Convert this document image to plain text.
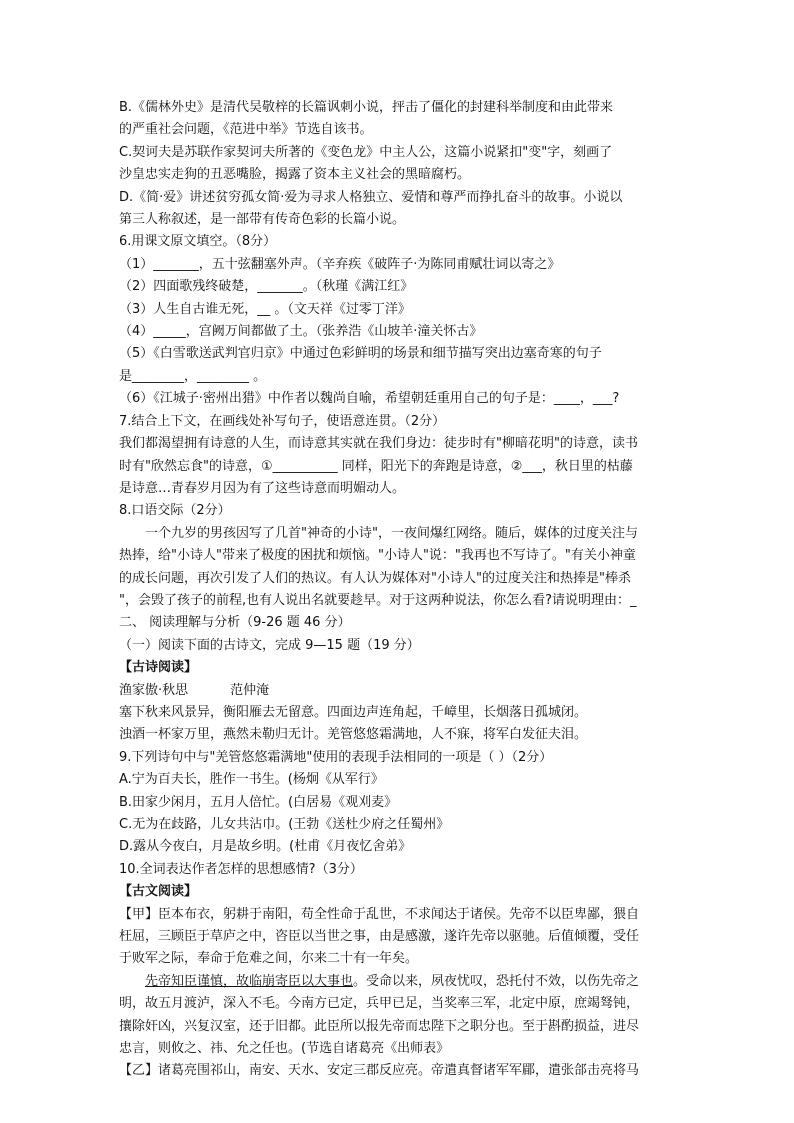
B.《儒林外史》是清代吴敬梓的长篇讽刺小说，抨击了僵化的封建科举制度和由此带来
的严重社会问题，《范进中举》节选自该书。
C.契诃夫是苏联作家契诃夫所著的《变色龙》中主人公，这篇小说紧扣"变"字，刻画了
沙皇忠实走狗的丑恶嘴脸，揭露了资本主义社会的黑暗腐朽。
D.《简·爱》讲述贫穷孤女简·爱为寻求人格独立、爱情和尊严而挣扎奋斗的故事。小说以
第三人称叙述，是一部带有传奇色彩的长篇小说。
6.用课文原文填空。（8分）
（1）_______，五十弦翻塞外声。（辛弃疾《破阵子·为陈同甫赋壮词以寄之》
（2）四面歌残终破楚，_______。（秋瑾《满江红》
（3）人生自古谁无死，__ 。（文天祥《过零丁洋》
（4）_____，宫阙万间都做了土。（张养浩《山坡羊·潼关怀古》
（5）《白雪歌送武判官归京》中通过色彩鲜明的场景和细节描写突出边塞奇寒的句子
是________，________ 。
（6）《江城子·密州出猎》中作者以魏尚自喻，希望朝廷重用自己的句子是：____，___?
7.结合上下文，在画线处补写句子，使语意连贯。（2分）
我们都渴望拥有诗意的人生，而诗意其实就在我们身边：徒步时有"柳暗花明"的诗意，读书
时有"欣然忘食"的诗意，①__________ 同样，阳光下的奔跑是诗意，②___，秋日里的枯藤
是诗意…青春岁月因为有了这些诗意而明媚动人。
8.口语交际（2分）
一个九岁的男孩因写了几首"神奇的小诗"，一夜间爆红网络。随后，媒体的过度关注与
热捧，给"小诗人"带来了极度的困扰和烦恼。"小诗人"说："我再也不写诗了。"有关小神童
的成长问题，再次引发了人们的热议。有人认为媒体对"小诗人"的过度关注和热捧是"棒杀
"，会毁了孩子的前程,也有人说出名就要趁早。对于这两种说法，你怎么看?请说明理由：_
二、 阅读理解与分析（9-26 题 46 分）
（一）阅读下面的古诗文，完成 9—15 题（19 分）
【古诗阅读】
渔家傲·秋思	范仲淹
塞下秋来风景异，衡阳雁去无留意。四面边声连角起，千嶂里，长烟落日孤城闭。
浊酒一杯家万里，燕然未勒归无计。羌管悠悠霜满地，人不寐，将军白发征夫泪。
9.下列诗句中与"羌管悠悠霜满地"使用的表现手法相同的一项是（ ）（2分）
A.宁为百夫长，胜作一书生。(杨炯《从军行》
B.田家少闲月，五月人倍忙。(白居易《观刈麦》
C.无为在歧路，儿女共沾巾。(王勃《送杜少府之任蜀州》
D.露从今夜白，月是故乡明。(杜甫《月夜忆舍弟》
10.全词表达作者怎样的思想感情?（3分）
【古文阅读】
【甲】臣本布衣，躬耕于南阳，苟全性命于乱世，不求闻达于诸侯。先帝不以臣卑鄙，猥自
枉屈，三顾臣于草庐之中，咨臣以当世之事，由是感激，遂许先帝以驱驰。后值倾覆，受任
于败军之际，奉命于危难之间，尔来二十有一年矣。
先帝知臣谨慎，故临崩寄臣以大事也。受命以来，夙夜忧叹，恐托付不效，以伤先帝之
明，故五月渡泸，深入不毛。今南方已定，兵甲已足，当奖率三军，北定中原，庶竭驽钝，
攘除奸凶，兴复汉室，还于旧都。此臣所以报先帝而忠陛下之职分也。至于斟酌损益，进尽
忠言，则攸之、祎、允之任也。(节选自诸葛亮《出师表》
【乙】诸葛亮围祁山，南安、天水、安定三郡反应亮。帝遣真督诸军军郿，遣张郃击亮将马
